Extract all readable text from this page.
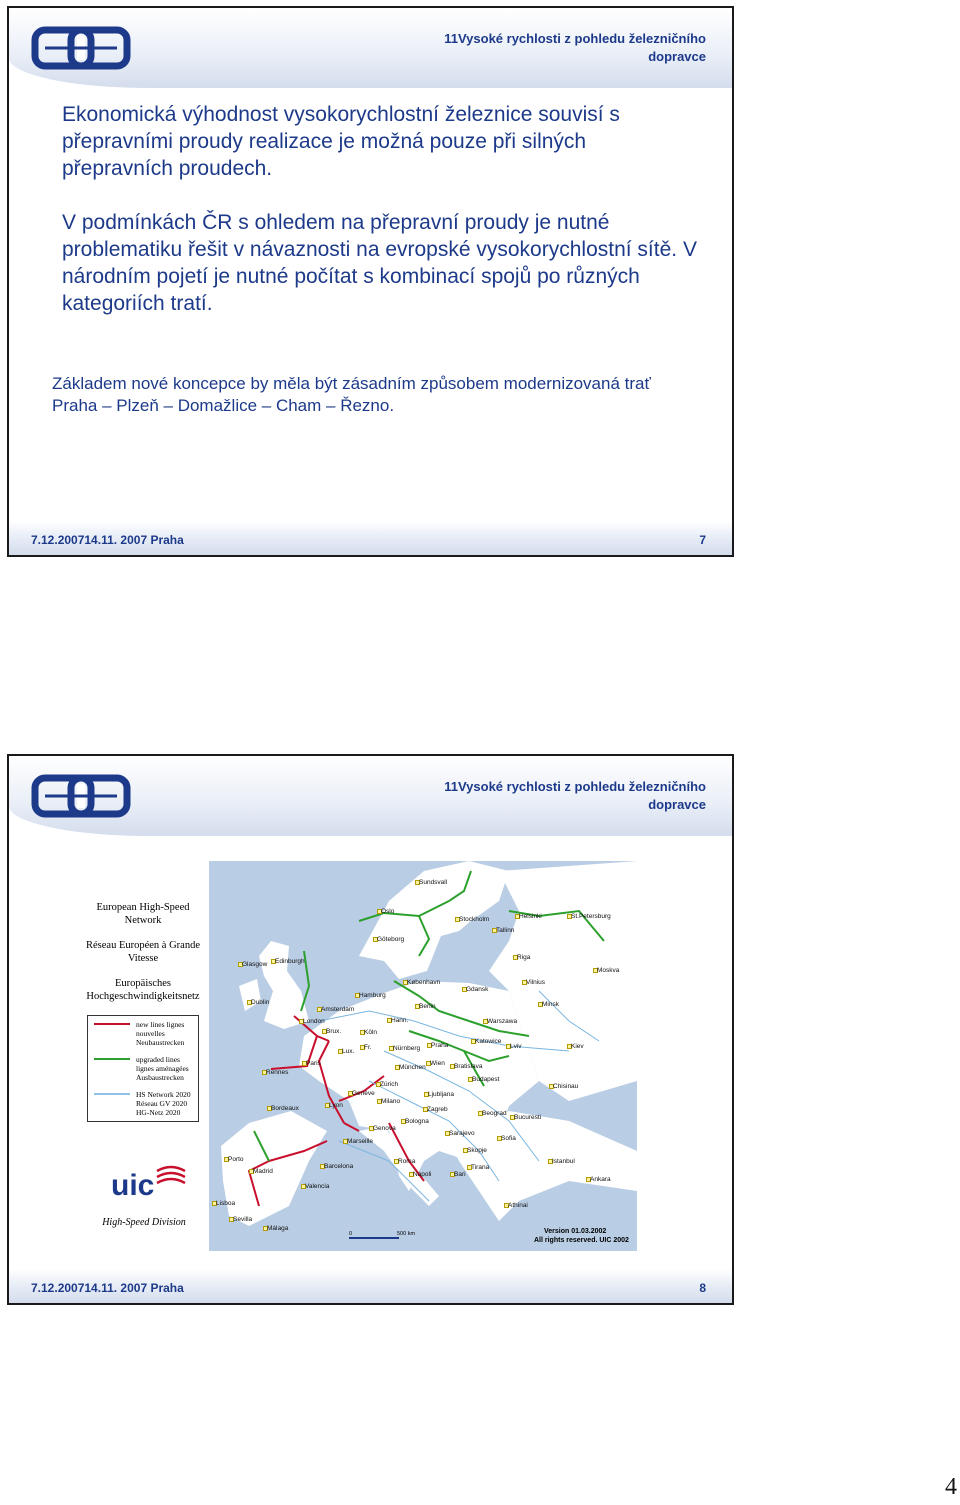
11Vysoké rychlosti z pohledu železničního dopravce
Ekonomická výhodnost vysokorychlostní železnice souvisí s přepravními proudy realizace je možná pouze při silných přepravních proudech.
V podmínkách ČR s ohledem na přepravní proudy je nutné problematiku řešit v návaznosti na evropské vysokorychlostní sítě. V národním pojetí je nutné počítat s kombinací spojů po různých kategoriích tratí.
Základem nové koncepce by měla být zásadním způsobem modernizovaná trať Praha – Plzeň – Domažlice – Cham – Řezno.
7.12.200714.11. 2007 Praha	7
11Vysoké rychlosti z pohledu železničního dopravce
European High-Speed Network
Réseau Européen à Grande Vitesse
Europäisches Hochgeschwindigkeitsnetz
new lines lignes nouvelles Neubaustrecken
upgraded lines lignes aménagées Ausbaustrecken
HS Network 2020 Réseau GV 2020 HG-Netz 2020
uic
High-Speed Division
0	500 km	Version 01.03.2002
All rights reserved. UIC 2002
Sundsvall
Oslo
Stockholm	Helsinki	St.Petersburg
Tallinn
Göteborg
Riga
Glasgow Edinburgh
Moskva
København	Vilnius
Gdansk
Minsk
Dublin
Hamburg
Amsterdam	Berlin
London	Hann.	Warszawa
Brux.	Köln
Lux.
Fr.	Nürnberg Praha
Katowice
Lviv	Kiev
Paris
Rennes
München
Wien Bratislava
Zürich
Budapest
Chisinau
Genève	Ljubljana
Lyon
Milano
Bordeaux	Zagreb
Beograd
Bucuresti
Bologna
Genova
Sarajevo
Marseille	Sofia
Skopje
Porto	Roma	Istanbul
Madrid
Barcelona
Napoli	Bari
Tirana
Ankara
Valencia
Lisboa	Athinai
Sevilla
Málaga
7.12.200714.11. 2007 Praha	8
4
